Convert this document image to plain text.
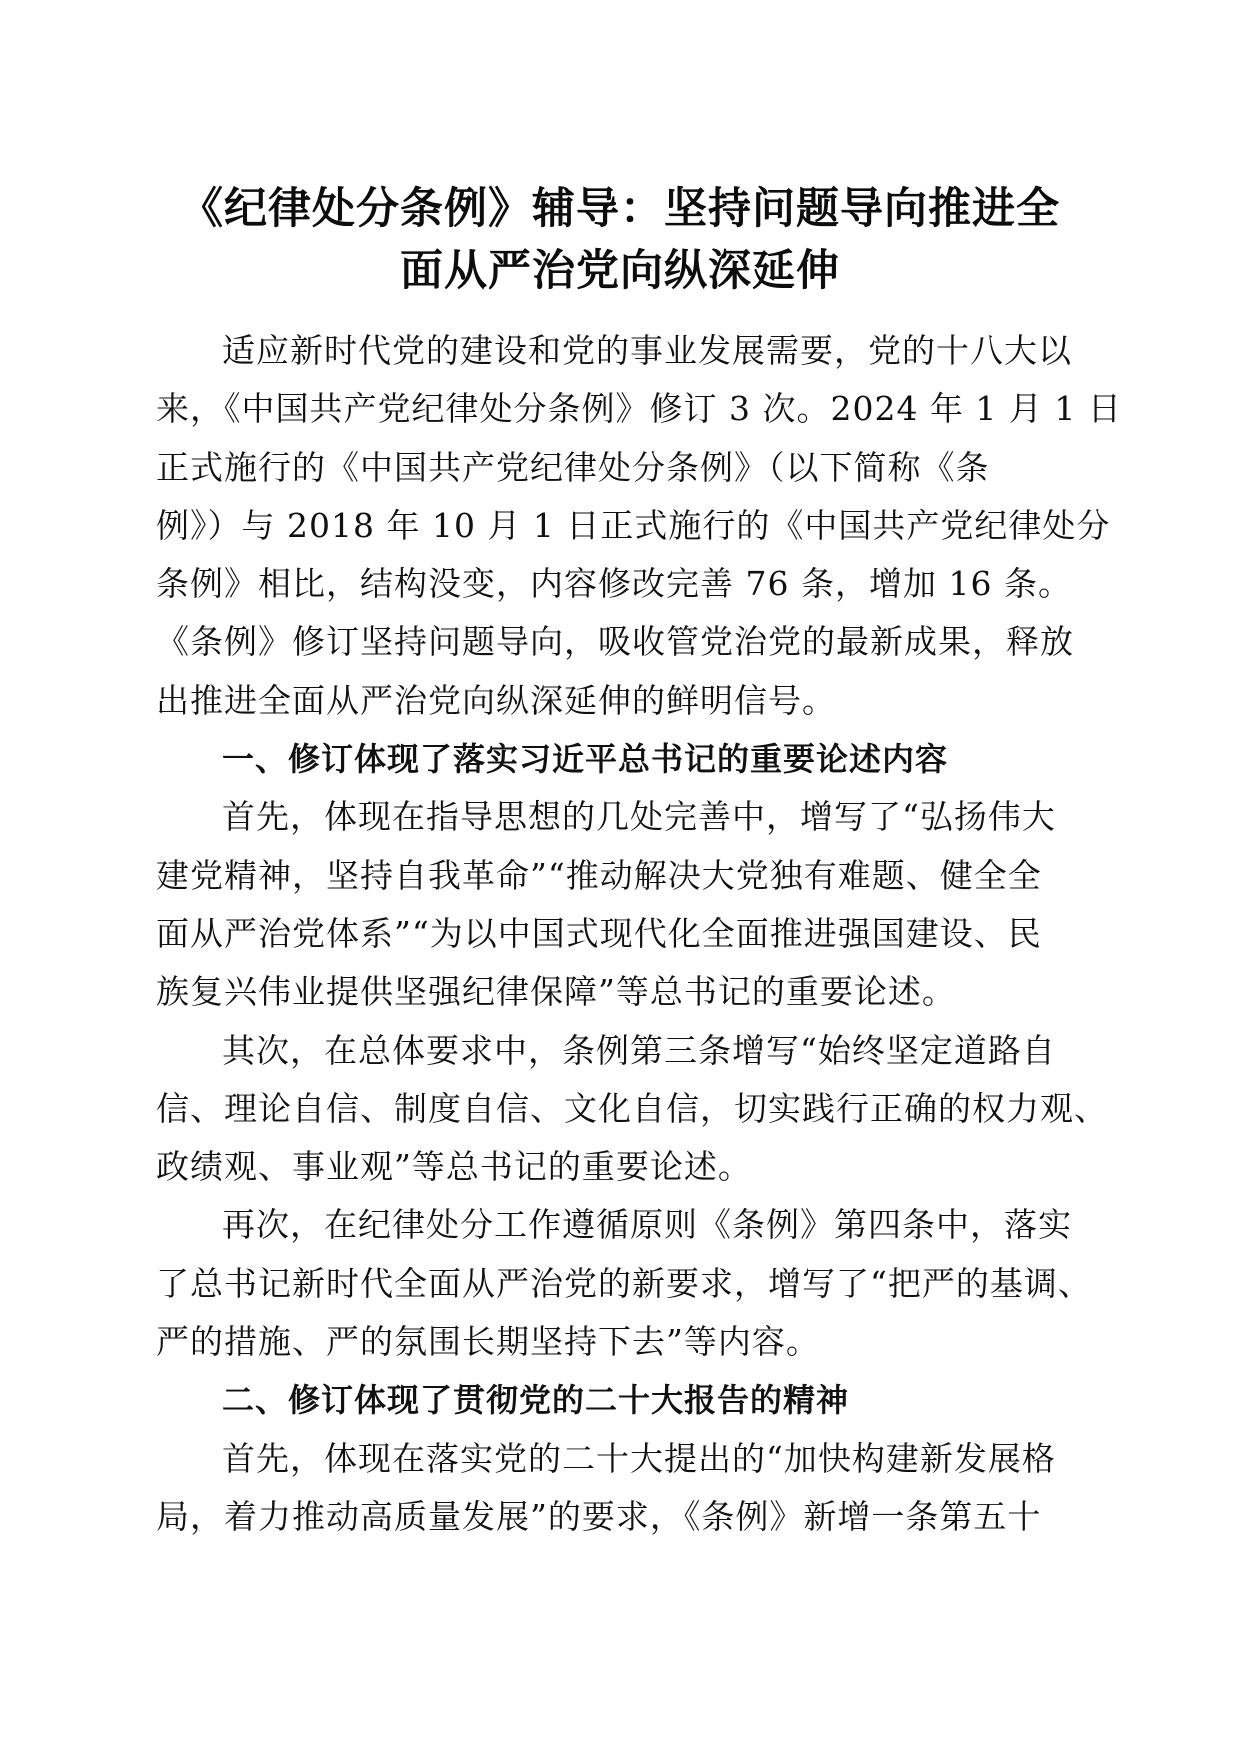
《纪律处分条例》辅导：坚持问题导向推进全
面从严治党向纵深延伸
适应新时代党的建设和党的事业发展需要，党的十八大以
来，《中国共产党纪律处分条例》修订 3 次。2024 年 1 月 1 日
正式施行的《中国共产党纪律处分条例》（以下简称《条
例》）与 2018 年 10 月 1 日正式施行的《中国共产党纪律处分
条例》相比，结构没变，内容修改完善 76 条，增加 16 条。
《条例》修订坚持问题导向，吸收管党治党的最新成果，释放
出推进全面从严治党向纵深延伸的鲜明信号。
一、修订体现了落实习近平总书记的重要论述内容
首先，体现在指导思想的几处完善中，增写了“弘扬伟大
建党精神，坚持自我革命”“推动解决大党独有难题、健全全
面从严治党体系”“为以中国式现代化全面推进强国建设、民
族复兴伟业提供坚强纪律保障”等总书记的重要论述。
其次，在总体要求中，条例第三条增写“始终坚定道路自
信、理论自信、制度自信、文化自信，切实践行正确的权力观、
政绩观、事业观”等总书记的重要论述。
再次，在纪律处分工作遵循原则《条例》第四条中，落实
了总书记新时代全面从严治党的新要求，增写了“把严的基调、
严的措施、严的氛围长期坚持下去”等内容。
二、修订体现了贯彻党的二十大报告的精神
首先，体现在落实党的二十大提出的“加快构建新发展格
局，着力推动高质量发展”的要求，《条例》新增一条第五十
